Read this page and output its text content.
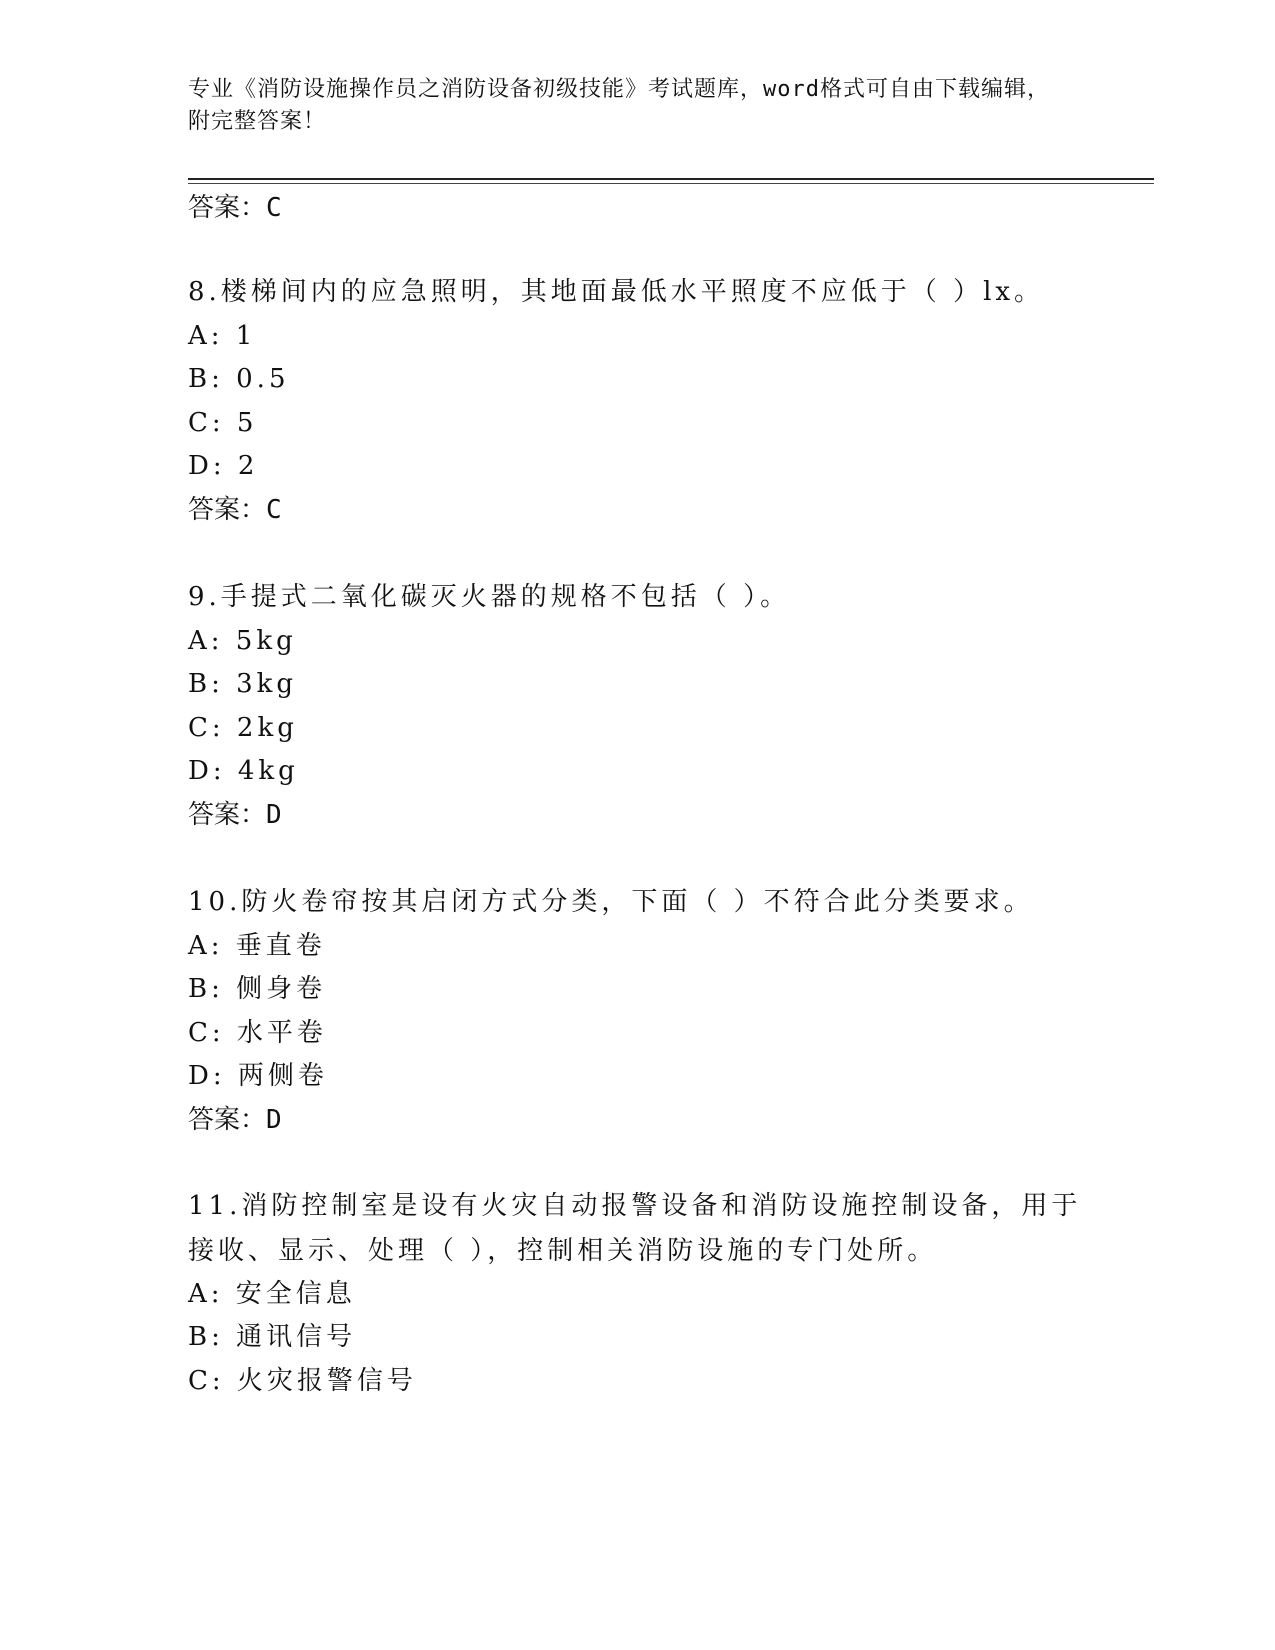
专业《消防设施操作员之消防设备初级技能》考试题库，word格式可自由下载编辑，附完整答案！
答案：C
8.楼梯间内的应急照明，其地面最低水平照度不应低于（ ）lx。
A: 1
B: 0.5
C: 5
D: 2
答案：C
9.手提式二氧化碳灭火器的规格不包括（ ）。
A: 5kg
B: 3kg
C: 2kg
D: 4kg
答案：D
10.防火卷帘按其启闭方式分类，下面（ ）不符合此分类要求。
A: 垂直卷
B: 侧身卷
C: 水平卷
D: 两侧卷
答案：D
11.消防控制室是设有火灾自动报警设备和消防设施控制设备，用于接收、显示、处理（ ），控制相关消防设施的专门处所。
A: 安全信息
B: 通讯信号
C: 火灾报警信号
